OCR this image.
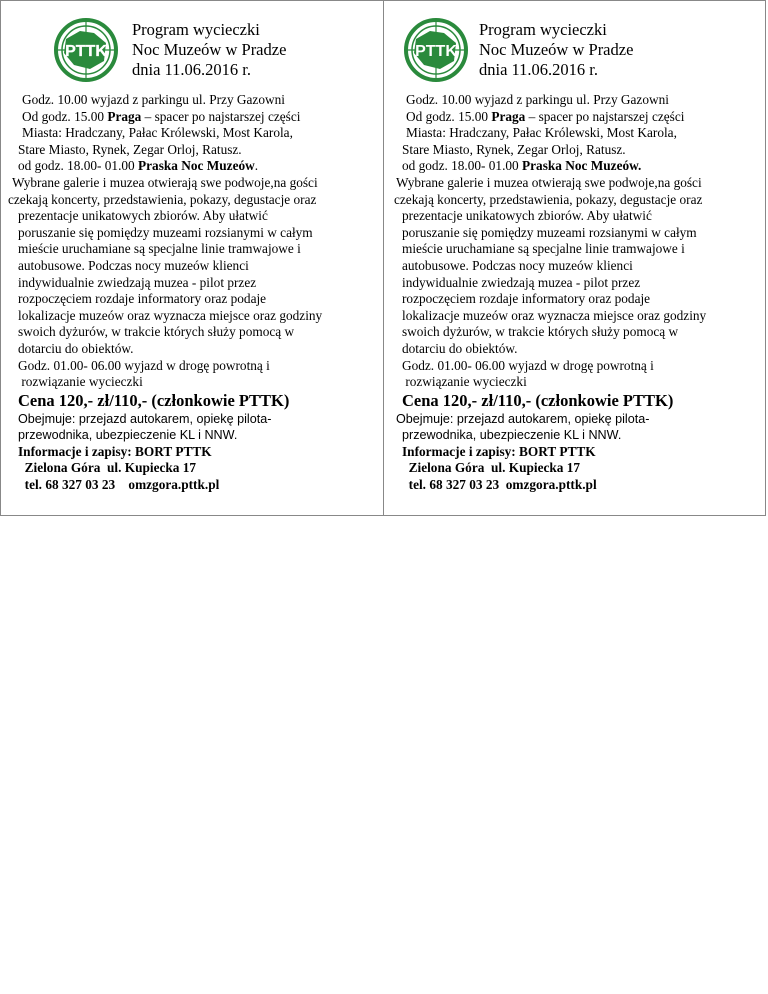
PTTK
Program wycieczki
Noc Muzeów w Pradze
dnia 11.06.2016 r.
Godz. 10.00 wyjazd z parkingu ul. Przy Gazowni
Od godz. 15.00 Praga – spacer po najstarszej części
Miasta: Hradczany, Pałac Królewski, Most Karola,
Stare Miasto, Rynek, Zegar Orloj, Ratusz.
od godz. 18.00- 01.00 Praska Noc Muzeów.
Wybrane galerie i muzea otwierają swe podwoje,na gości
czekają koncerty, przedstawienia, pokazy, degustacje oraz
prezentacje unikatowych zbiorów. Aby ułatwić
poruszanie się pomiędzy muzeami rozsianymi w całym
mieście uruchamiane są specjalne linie tramwajowe i
autobusowe. Podczas nocy muzeów klienci
indywidualnie zwiedzają muzea - pilot przez
rozpoczęciem rozdaje informatory oraz podaje
lokalizacje muzeów oraz wyznacza miejsce oraz godziny
swoich dyżurów, w trakcie których służy pomocą w
dotarciu do obiektów.
Godz. 01.00- 06.00 wyjazd w drogę powrotną i
rozwiązanie wycieczki
Cena 120,- zł/110,- (członkowie PTTK)
Obejmuje: przejazd autokarem, opiekę pilota-
przewodnika, ubezpieczenie KL i NNW.
Informacje i zapisy: BORT PTTK
Zielona Góra  ul. Kupiecka 17
tel. 68 327 03 23    omzgora.pttk.pl
PTTK
Program wycieczki
Noc Muzeów w Pradze
dnia 11.06.2016 r.
Godz. 10.00 wyjazd z parkingu ul. Przy Gazowni
Od godz. 15.00 Praga – spacer po najstarszej części
Miasta: Hradczany, Pałac Królewski, Most Karola,
Stare Miasto, Rynek, Zegar Orloj, Ratusz.
od godz. 18.00- 01.00 Praska Noc Muzeów.
Wybrane galerie i muzea otwierają swe podwoje,na gości
czekają koncerty, przedstawienia, pokazy, degustacje oraz
prezentacje unikatowych zbiorów. Aby ułatwić
poruszanie się pomiędzy muzeami rozsianymi w całym
mieście uruchamiane są specjalne linie tramwajowe i
autobusowe. Podczas nocy muzeów klienci
indywidualnie zwiedzają muzea - pilot przez
rozpoczęciem rozdaje informatory oraz podaje
lokalizacje muzeów oraz wyznacza miejsce oraz godziny
swoich dyżurów, w trakcie których służy pomocą w
dotarciu do obiektów.
Godz. 01.00- 06.00 wyjazd w drogę powrotną i
rozwiązanie wycieczki
Cena 120,- zł/110,- (członkowie PTTK)
Obejmuje: przejazd autokarem, opiekę pilota-
przewodnika, ubezpieczenie KL i NNW.
Informacje i zapisy: BORT PTTK
Zielona Góra  ul. Kupiecka 17
tel. 68 327 03 23  omzgora.pttk.pl
